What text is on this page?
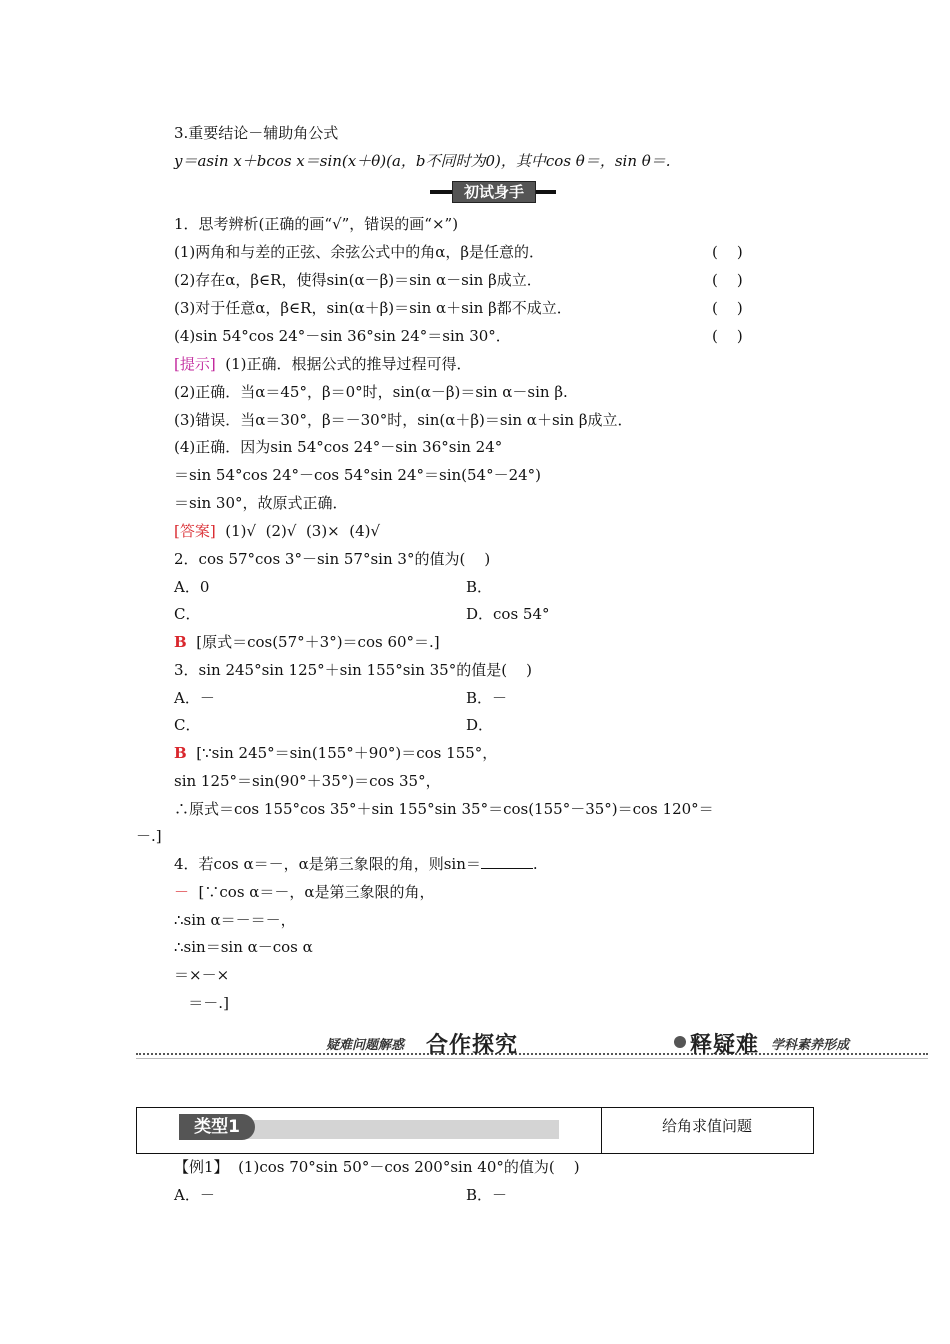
3.重要结论－辅助角公式
y＝asin x＋bcos x＝sin(x＋θ)(a，b不同时为0)，其中cos θ＝，sin θ＝.
初试身手
1．思考辨析(正确的画“√”，错误的画“×”)
(1)两角和与差的正弦、余弦公式中的角α，β是任意的．	(    )
(2)存在α，β∈R，使得sin(α－β)＝sin α－sin β成立．	(    )
(3)对于任意α，β∈R，sin(α＋β)＝sin α＋sin β都不成立．	(    )
(4)sin 54°cos 24°－sin 36°sin 24°＝sin 30°．	(    )
[提示]  (1)正确．根据公式的推导过程可得．
(2)正确．当α＝45°，β＝0°时，sin(α－β)＝sin α－sin β.
(3)错误．当α＝30°，β＝－30°时，sin(α＋β)＝sin α＋sin β成立．
(4)正确．因为sin 54°cos 24°－sin 36°sin 24°
＝sin 54°cos 24°－cos 54°sin 24°＝sin(54°－24°)
＝sin 30°，故原式正确．
[答案]  (1)√  (2)√  (3)×  (4)√
2．cos 57°cos 3°－sin 57°sin 3°的值为(    )
A．0	B．
C．	D．cos 54°
B  [原式＝cos(57°＋3°)＝cos 60°＝.]
3．sin 245°sin 125°＋sin 155°sin 35°的值是(    )
A．－	B．－
C．	D．
B  [∵sin 245°＝sin(155°＋90°)＝cos 155°，
sin 125°＝sin(90°＋35°)＝cos 35°，
∴原式＝cos 155°cos 35°＋sin 155°sin 35°＝cos(155°－35°)＝cos 120°＝
－.]
4．若cos α＝－，α是第三象限的角，则sin＝	.
－  [∵cos α＝－，α是第三象限的角，
∴sin α＝－＝－，
∴sin＝sin α－cos α
＝×－×
＝－.]
疑难问题解惑 合作探究	释疑难 学科素养形成
类型1	给角求值问题
【例1】  (1)cos 70°sin 50°－cos 200°sin 40°的值为(    )
A．－	B．－
